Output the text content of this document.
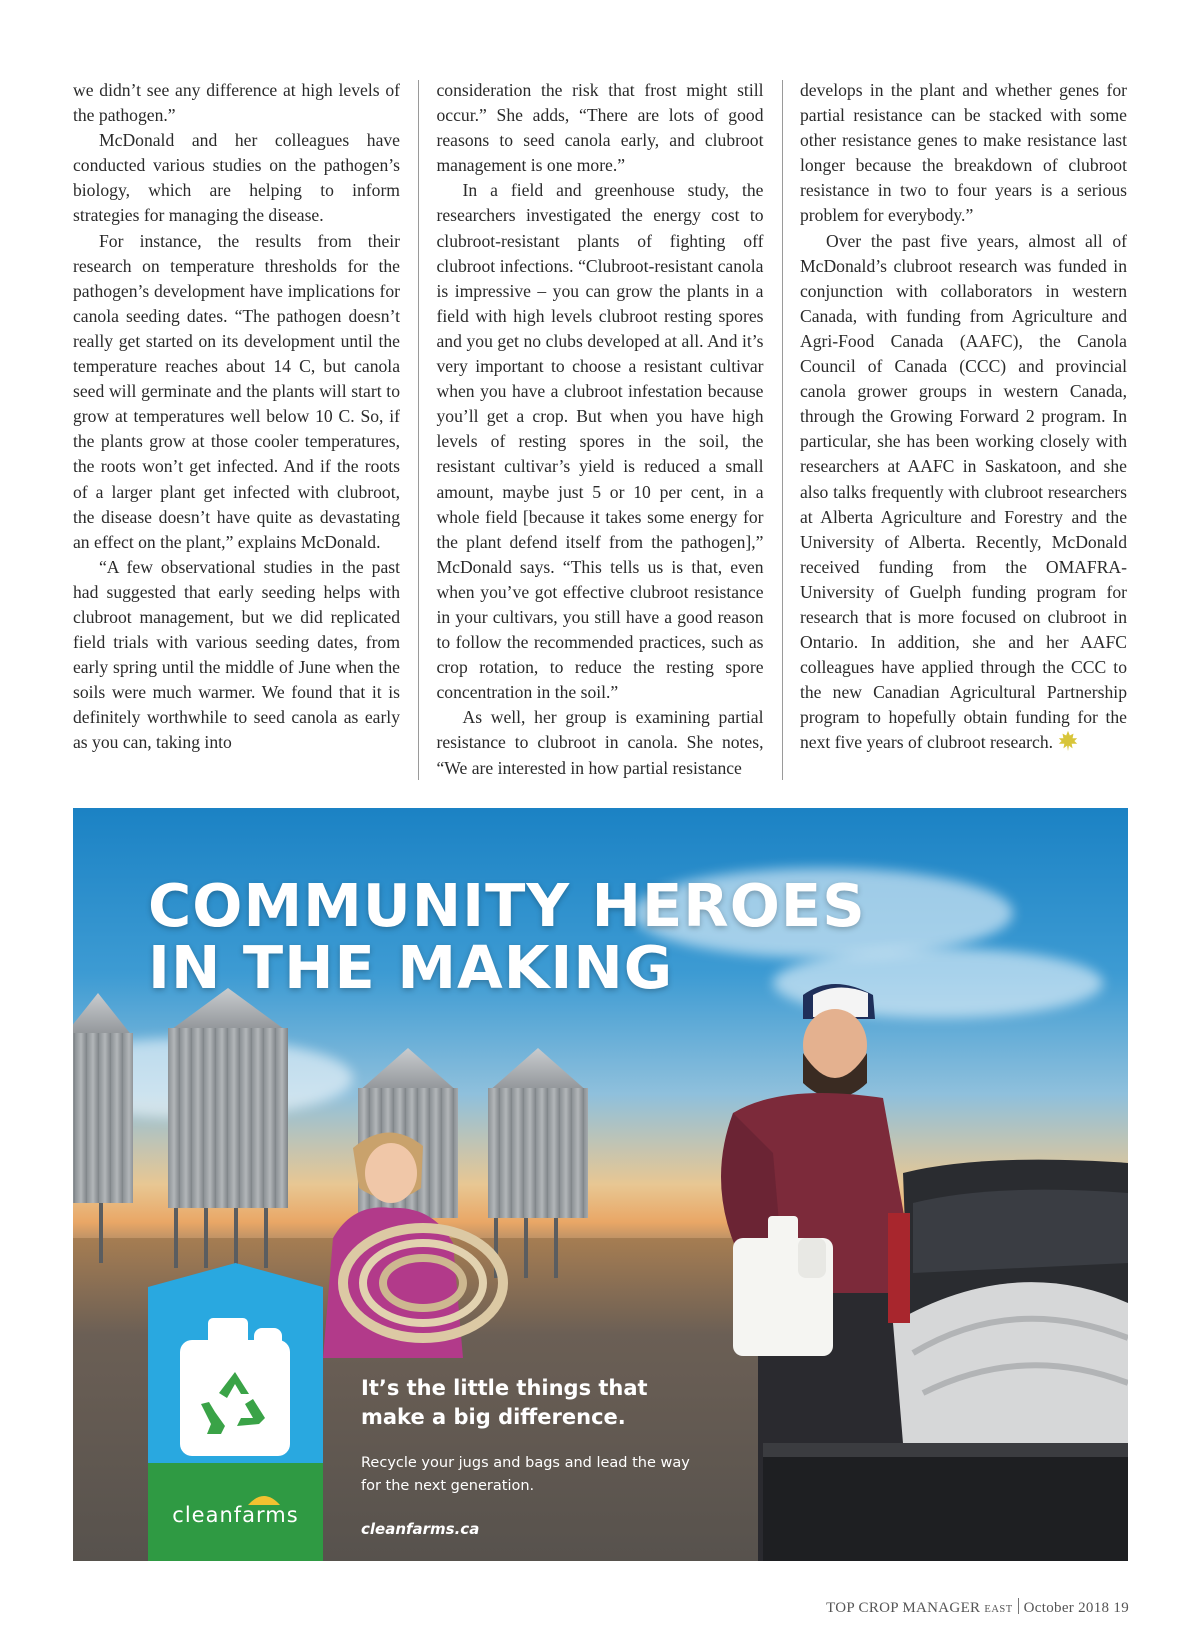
we didn’t see any difference at high levels of the pathogen.”

McDonald and her colleagues have conducted various studies on the pathogen’s biology, which are helping to inform strategies for managing the disease.

For instance, the results from their research on temperature thresholds for the pathogen’s development have implications for canola seeding dates. “The pathogen doesn’t really get started on its development until the temperature reaches about 14 C, but canola seed will germinate and the plants will start to grow at temperatures well below 10 C. So, if the plants grow at those cooler temperatures, the roots won’t get infected. And if the roots of a larger plant get infected with clubroot, the disease doesn’t have quite as devastating an effect on the plant,” explains McDonald.

“A few observational studies in the past had suggested that early seeding helps with clubroot management, but we did replicated field trials with various seeding dates, from early spring until the middle of June when the soils were much warmer. We found that it is definitely worthwhile to seed canola as early as you can, taking into

consideration the risk that frost might still occur.” She adds, “There are lots of good reasons to seed canola early, and clubroot management is one more.”

In a field and greenhouse study, the researchers investigated the energy cost to clubroot-resistant plants of fighting off clubroot infections. “Clubroot-resistant canola is impressive – you can grow the plants in a field with high levels clubroot resting spores and you get no clubs developed at all. And it’s very important to choose a resistant cultivar when you have a clubroot infestation because you’ll get a crop. But when you have high levels of resting spores in the soil, the resistant cultivar’s yield is reduced a small amount, maybe just 5 or 10 per cent, in a whole field [because it takes some energy for the plant defend itself from the pathogen],” McDonald says. “This tells us is that, even when you’ve got effective clubroot resistance in your cultivars, you still have a good reason to follow the recommended practices, such as crop rotation, to reduce the resting spore concentration in the soil.”

As well, her group is examining partial resistance to clubroot in canola. She notes, “We are interested in how partial resistance

develops in the plant and whether genes for partial resistance can be stacked with some other resistance genes to make resistance last longer because the breakdown of clubroot resistance in two to four years is a serious problem for everybody.”

Over the past five years, almost all of McDonald’s clubroot research was funded in conjunction with collaborators in western Canada, with funding from Agriculture and Agri-Food Canada (AAFC), the Canola Council of Canada (CCC) and provincial canola grower groups in western Canada, through the Growing Forward 2 program. In particular, she has been working closely with researchers at AAFC in Saskatoon, and she also talks frequently with clubroot researchers at Alberta Agriculture and Forestry and the University of Alberta. Recently, McDonald received funding from the OMAFRA-University of Guelph funding program for research that is more focused on clubroot in Ontario. In addition, she and her AAFC colleagues have applied through the CCC to the new Canadian Agricultural Partnership program to hopefully obtain funding for the next five years of clubroot research.

COMMUNITY HEROES
IN THE MAKING
cleanfarms

It’s the little things that make a big difference.

Recycle your jugs and bags and lead the way for the next generation.

cleanfarms.ca

TOP CROP MANAGER EAST October 2018 19
